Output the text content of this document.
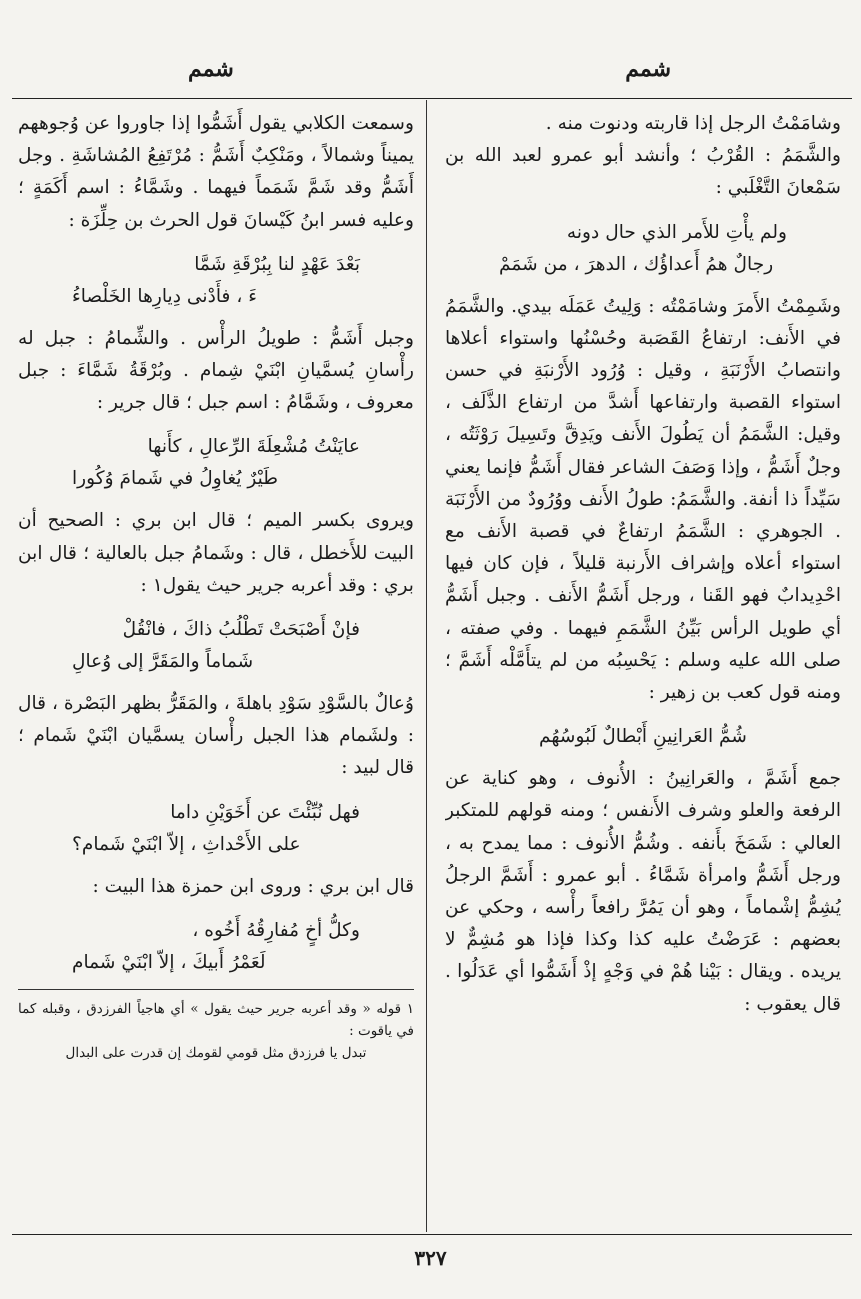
شمم
شمم

وشامَمْتُ الرجل إذا قاربته ودنوت منه .

والشَّمَمُ : القُرْبُ ؛ وأنشد أبو عمرو لعبد الله بن سَمْعانَ التَّغْلَبي :

ولم يأْتِ للأَمر الذي حال دونه
رجالٌ همُ أَعداؤُك ، الدهرَ ، من شَمَمْ

وشَمِمْتُ الأَمرَ وشامَمْتُه : وَلِيتُ عَمَلَه بيدي. والشَّمَمُ في الأَنف: ارتفاعُ القَصَبة وحُسْنُها واستواء أعلاها وانتصابُ الأَرْنَبَةِ ، وقيل : وُرُود الأَرْنبَةِ في حسن استواء القصبة وارتفاعها أَشدَّ من ارتفاع الذَّلَف ، وقيل: الشَّمَمُ أن يَطُولَ الأَنف ويَدِقَّ وتَسِيلَ رَوْثَتُه ، وجلٌ أَشَمُّ ، وإذا وَصَفَ الشاعر فقال أَشَمُّ فإنما يعني سَيِّداً ذا أنفة. والشَّمَمُ: طولُ الأَنف ووُرُودٌ من الأَرْنَبَة . الجوهري : الشَّمَمُ ارتفاعٌ في قصبة الأَنف مع استواء أعلاه وإشراف الأَرنبة قليلاً ، فإن كان فيها احْدِيدابٌ فهو القَنا ، ورجل أَشَمُّ الأَنف . وجبل أَشَمُّ أي طويل الرأس بَيِّنُ الشَّمَمِ فيهما . وفي صفته ، صلى الله عليه وسلم : يَحْسِبُه من لم يتأَمَّلْه أَشَمَّ ؛ ومنه قول كعب بن زهير :

شُمُّ العَرانِينِ أَبْطالٌ لَبُوسُهُم

جمع أَشَمَّ ، والعَرانِينُ : الأُنوف ، وهو كناية عن الرفعة والعلو وشرف الأَنفس ؛ ومنه قولهم للمتكبر العالي : شَمَخَ بأَنفه . وشُمُّ الأُنوف : مما يمدح به ، ورجل أَشَمُّ وامرأة شَمَّاءُ . أبو عمرو : أَشَمَّ الرجلُ يُشِمُّ إشْماماً ، وهو أن يَمُرَّ رافعاً رأْسه ، وحكي عن بعضهم : عَرَضْتُ عليه كذا وكذا فإذا هو مُشِمٌّ لا يريده . ويقال : بَيْنا هُمْ في وَجْهٍ إذْ أَشَمُّوا أي عَدَلُوا . قال يعقوب :

وسمعت الكلابي يقول أَشَمُّوا إذا جاوروا عن وُجوههم يميناً وشمالاً ، ومَنْكِبٌ أَشَمُّ : مُرْتَفِعُ المُشاشَةِ . وجل أَشَمُّ وقد شَمَّ شَمَماً فيهما . وشَمَّاءُ : اسم أَكَمَةٍ ؛ وعليه فسر ابنُ كَيْسانَ قول الحرث بن حِلِّزَة :

بَعْدَ عَهْدٍ لنا بِبُرْقَةِ شَمَّا
ءَ ، فأَدْنى دِيارِها الخَلْصاءُ

وجبل أَشَمُّ : طويلُ الرأْس . والشِّمامُ : جبل له رأْسانِ يُسمَّيانِ ابْنَيْ شِمام . وبُرْقَةُ شَمَّاءَ : جبل معروف ، وشَمَّامُ : اسم جبل ؛ قال جرير :

عايَنْتُ مُشْعِلَةَ الرِّعالِ ، كأَنها
طَيْرٌ يُغاوِلُ في شَمامَ وُكُورا

ويروى بكسر الميم ؛ قال ابن بري : الصحيح أن البيت للأَخطل ، قال : وشَمامُ جبل بالعالية ؛ قال ابن بري : وقد أعربه جرير حيث يقول١ :

فإنْ أَصْبَحَتْ تَطْلُبُ ذاكَ ، فانْقُلْ
شَماماً والمَقَرَّ إلى وُعالِ

وُعالٌ بالسَّوْدِ سَوْدِ باهلةَ ، والمَقَرُّ بظهر البَصْرة ، قال : ولشَمام هذا الجبل رأْسان يسمَّيان ابْنَيْ شَمام ؛ قال لبيد :

فهل نُبِّئْتَ عن أَخَوَيْنِ داما
على الأَحْداثِ ، إلاّ ابْنَيْ شَمام؟

قال ابن بري : وروى ابن حمزة هذا البيت :

وكلُّ أخٍ مُفارِقُهُ أَخُوه ،
لَعَمْرُ أَبيكَ ، إلاّ ابْنَيْ شَمام

١ قوله « وقد أعربه جرير حيث يقول » أي هاجياً الفرزدق ، وقبله كما في ياقوت :

تبدل يا فرزدق مثل قومي لقومك إن قدرت على البدال

٣٢٧
